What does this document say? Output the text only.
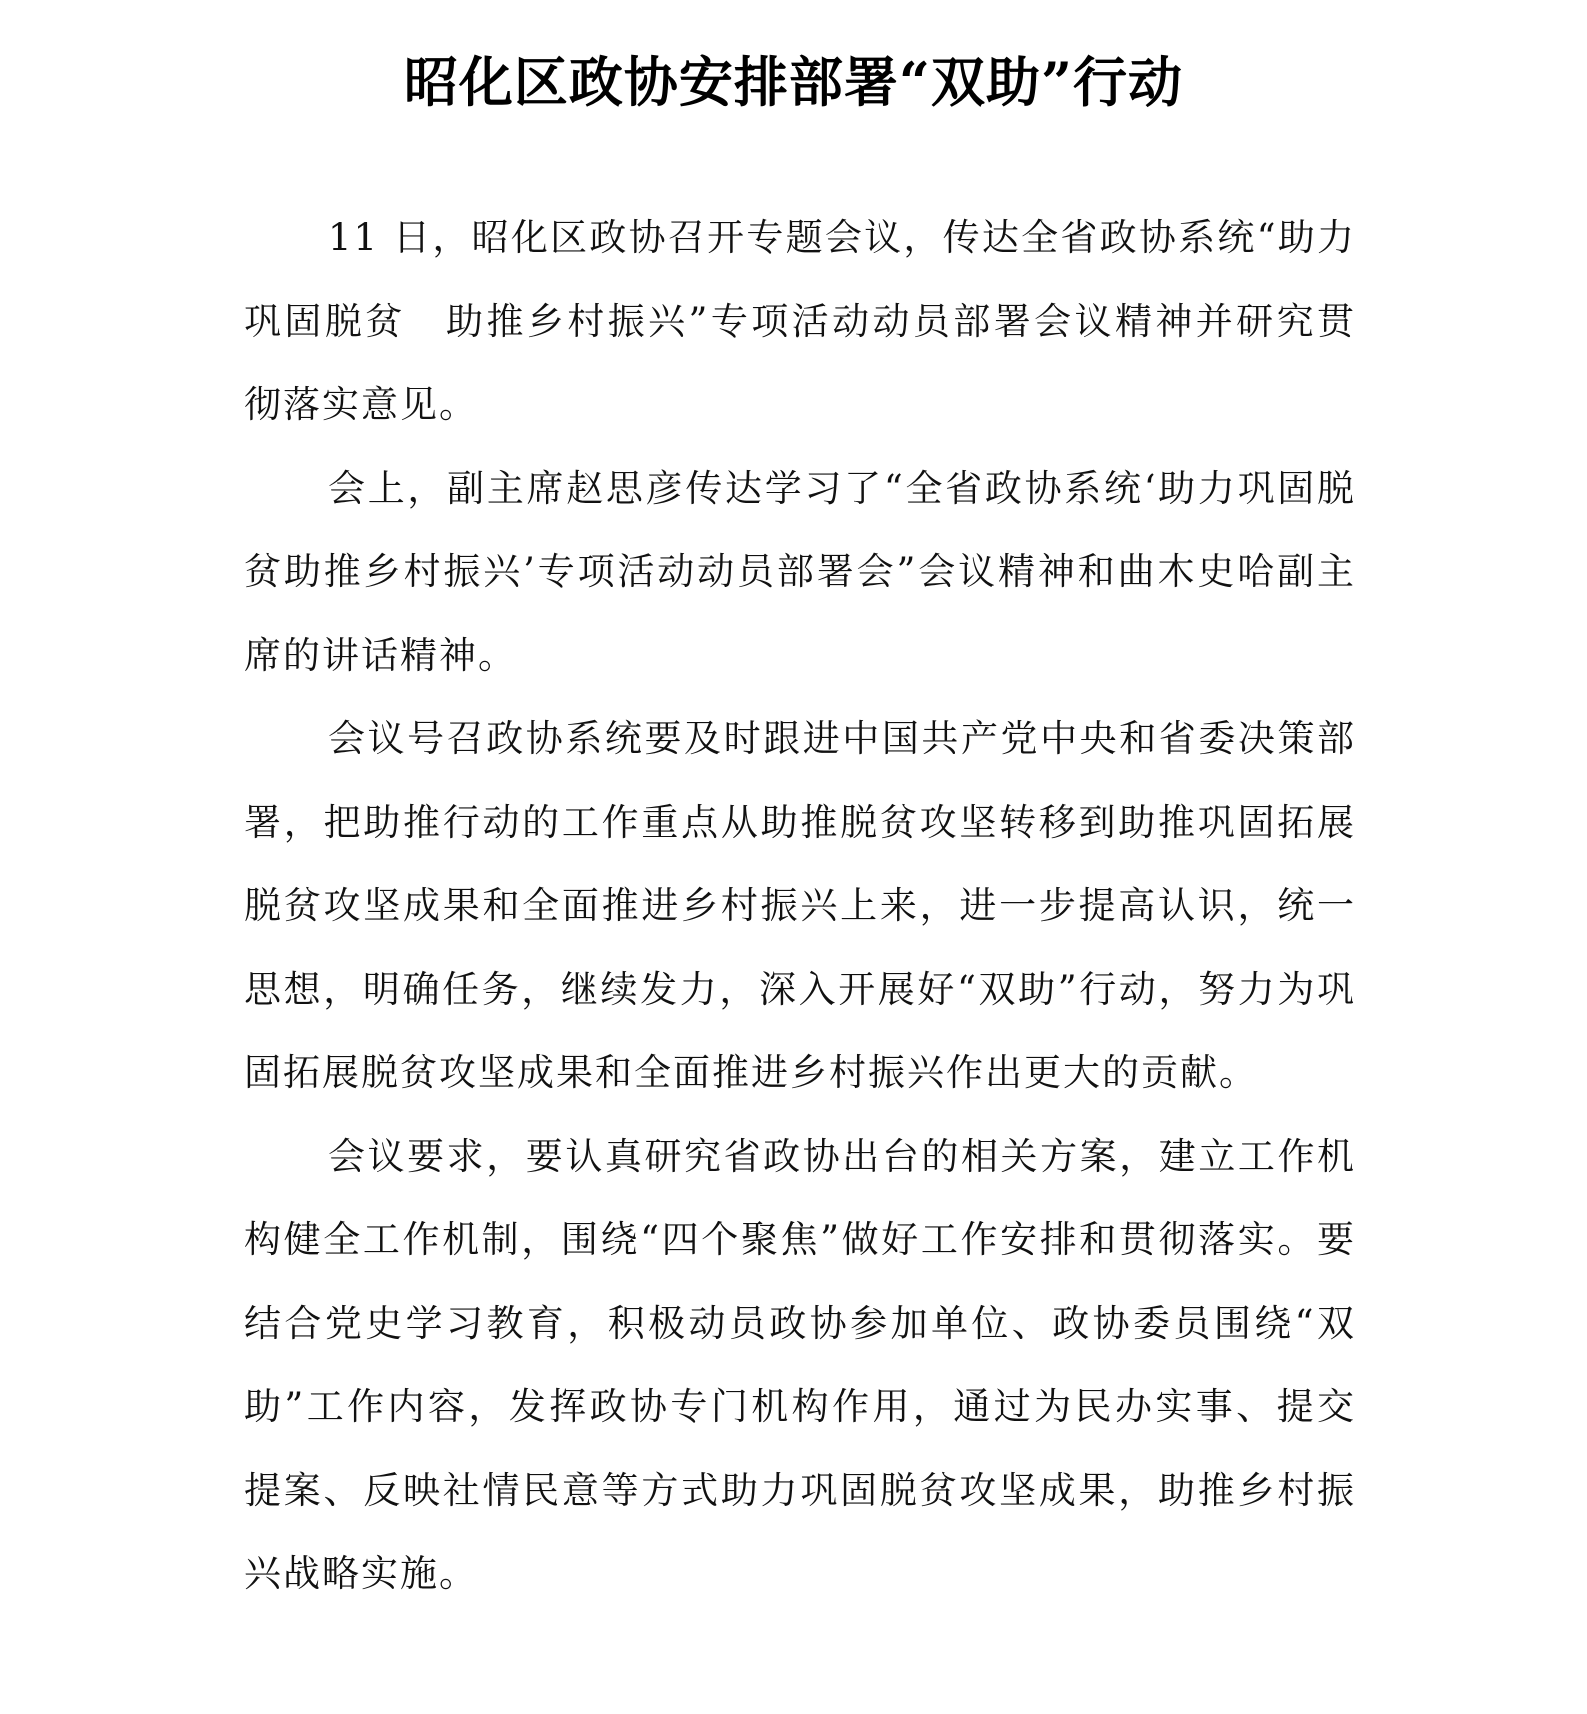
昭化区政协安排部署“双助”行动

11 日，昭化区政协召开专题会议，传达全省政协系统“助力巩固脱贫　助推乡村振兴”专项活动动员部署会议精神并研究贯彻落实意见。

会上，副主席赵思彦传达学习了“全省政协系统‘助力巩固脱贫助推乡村振兴’专项活动动员部署会”会议精神和曲木史哈副主席的讲话精神。

会议号召政协系统要及时跟进中国共产党中央和省委决策部署，把助推行动的工作重点从助推脱贫攻坚转移到助推巩固拓展脱贫攻坚成果和全面推进乡村振兴上来，进一步提高认识，统一思想，明确任务，继续发力，深入开展好“双助”行动，努力为巩固拓展脱贫攻坚成果和全面推进乡村振兴作出更大的贡献。

会议要求，要认真研究省政协出台的相关方案，建立工作机构健全工作机制，围绕“四个聚焦”做好工作安排和贯彻落实。要结合党史学习教育，积极动员政协参加单位、政协委员围绕“双助”工作内容，发挥政协专门机构作用，通过为民办实事、提交提案、反映社情民意等方式助力巩固脱贫攻坚成果，助推乡村振兴战略实施。
